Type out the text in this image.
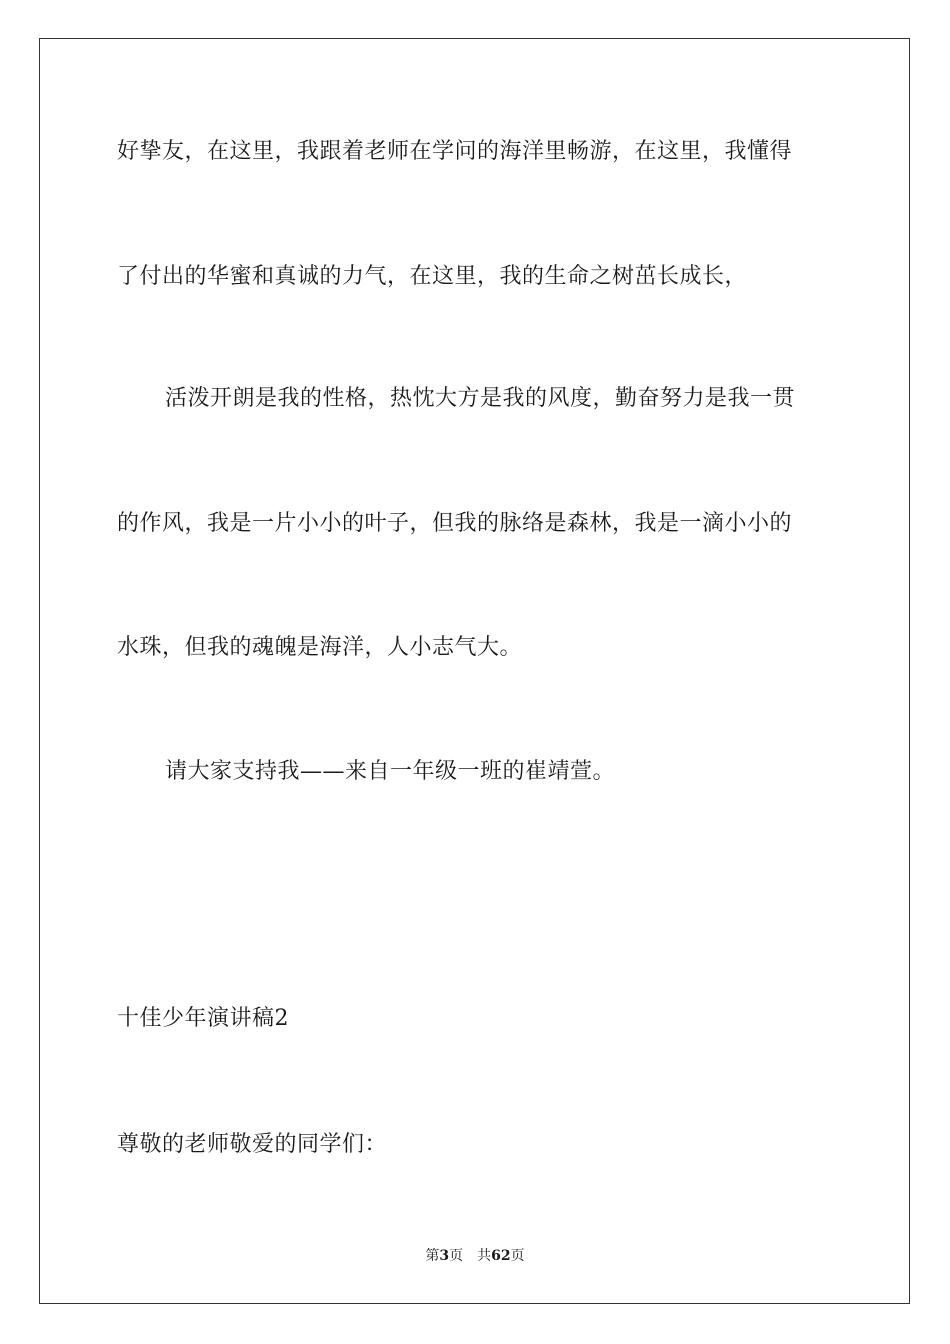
好挚友，在这里，我跟着老师在学问的海洋里畅游，在这里，我懂得
了付出的华蜜和真诚的力气，在这里，我的生命之树茁长成长，
活泼开朗是我的性格，热忱大方是我的风度，勤奋努力是我一贯
的作风，我是一片小小的叶子，但我的脉络是森林，我是一滴小小的
水珠，但我的魂魄是海洋，人小志气大。
请大家支持我——来自一年级一班的崔靖萱。
十佳少年演讲稿2
尊敬的老师敬爱的同学们：
第3页　共62页
